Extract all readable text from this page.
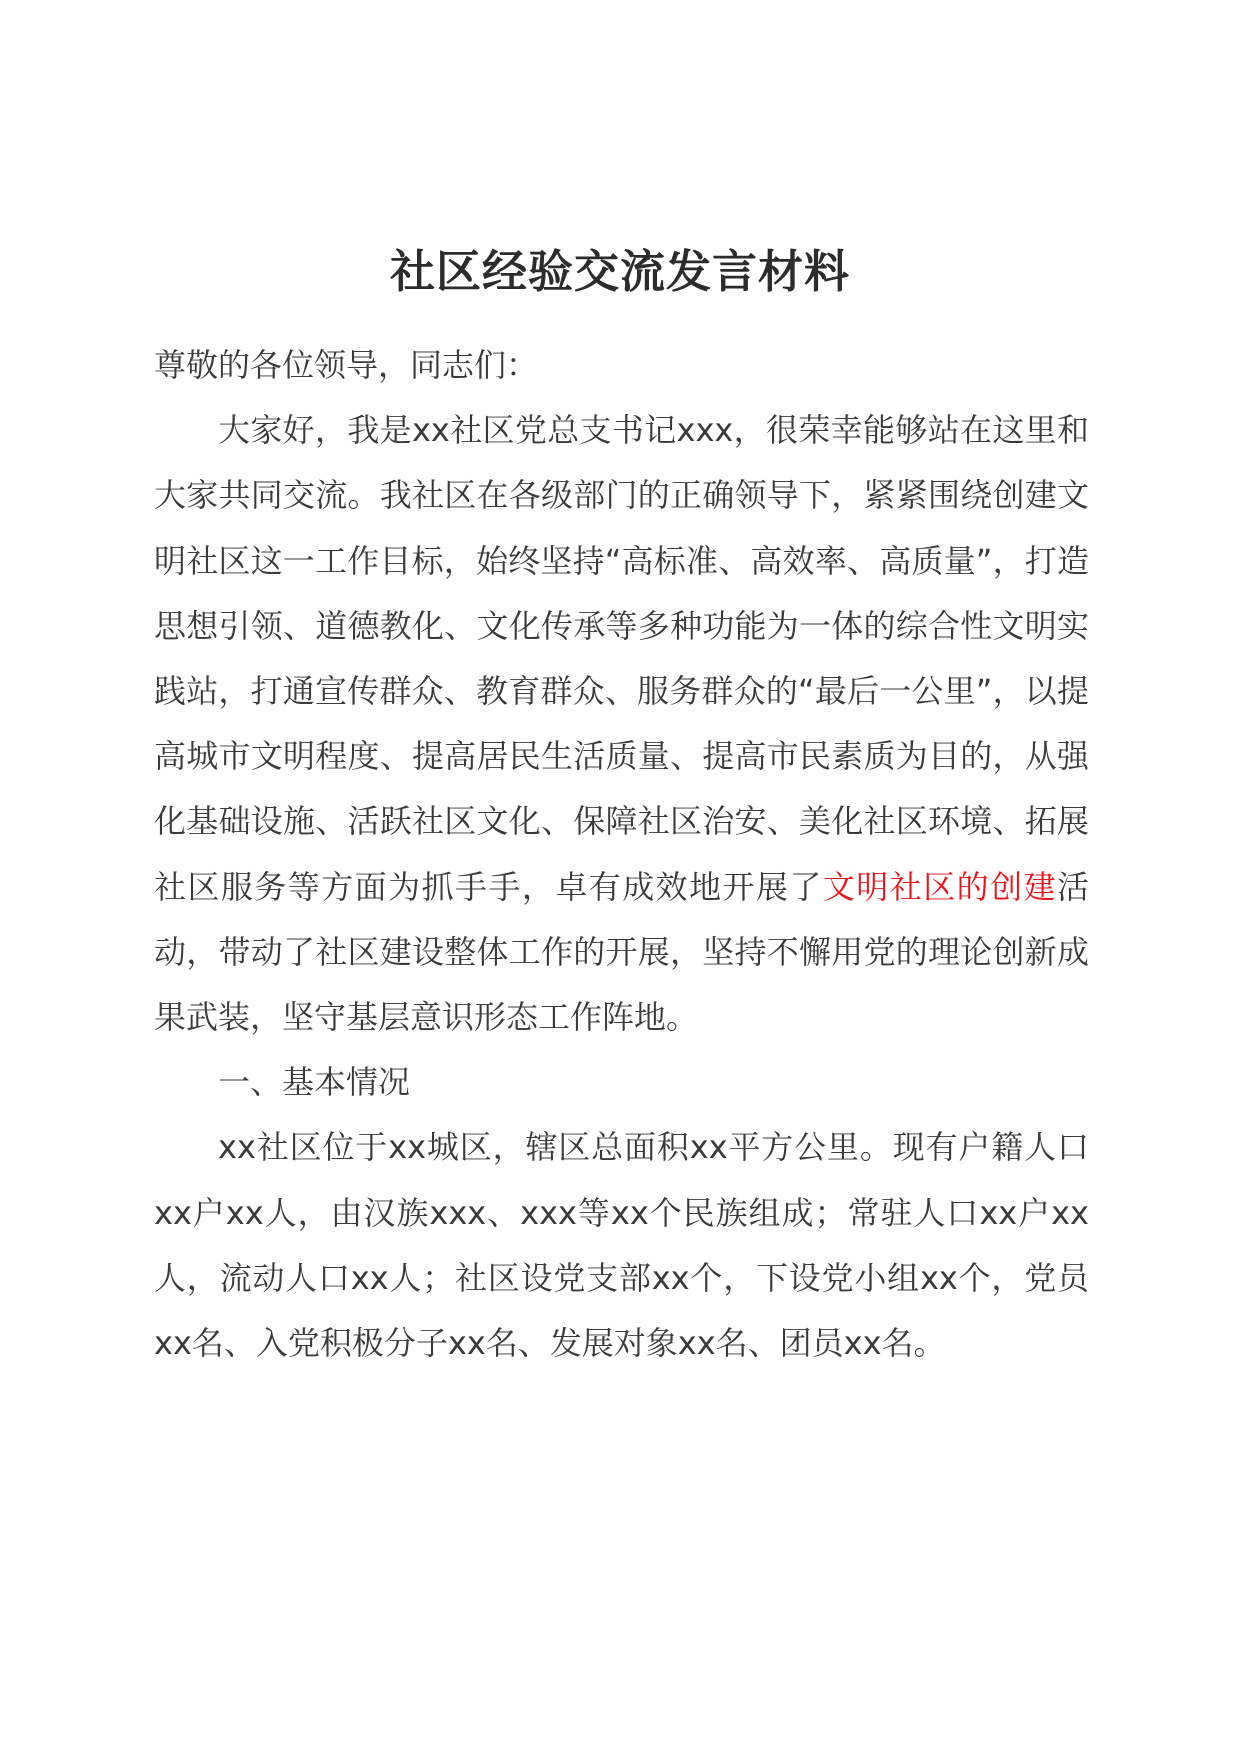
社区经验交流发言材料

尊敬的各位领导，同志们：

大家好，我是xx社区党总支书记xxx，很荣幸能够站在这里和大家共同交流。我社区在各级部门的正确领导下，紧紧围绕创建文明社区这一工作目标，始终坚持“高标准、高效率、高质量”，打造思想引领、道德教化、文化传承等多种功能为一体的综合性文明实践站，打通宣传群众、教育群众、服务群众的“最后一公里”，以提高城市文明程度、提高居民生活质量、提高市民素质为目的，从强化基础设施、活跃社区文化、保障社区治安、美化社区环境、拓展社区服务等方面为抓手手，卓有成效地开展了文明社区的创建活动，带动了社区建设整体工作的开展，坚持不懈用党的理论创新成果武装，坚守基层意识形态工作阵地。

一、基本情况

xx社区位于xx城区，辖区总面积xx平方公里。现有户籍人口xx户xx人，由汉族xxx、xxx等xx个民族组成；常驻人口xx户xx人，流动人口xx人；社区设党支部xx个，下设党小组xx个，党员xx名、入党积极分子xx名、发展对象xx名、团员xx名。
